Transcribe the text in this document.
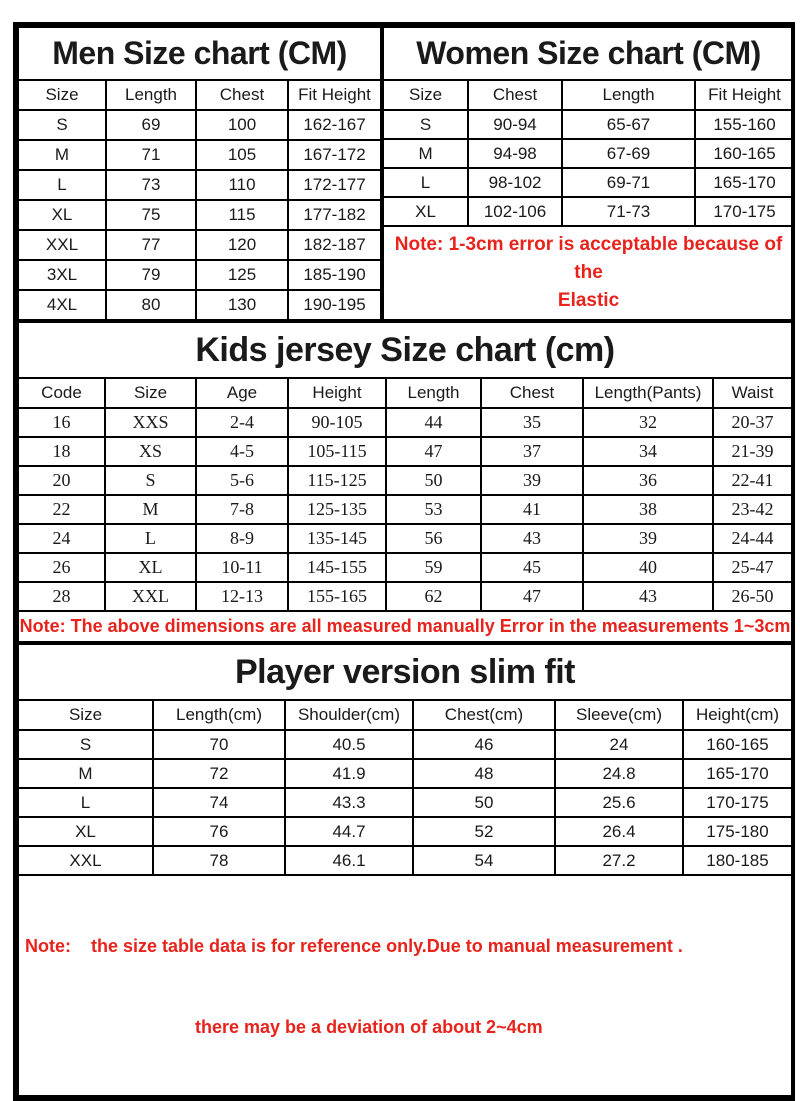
Men Size chart (CM)			
Size	Length	Chest	Fit Height
S	69	100	162-167
M	71	105	167-172
L	73	110	172-177
XL	75	115	177-182
XXL	77	120	182-187
3XL	79	125	185-190
4XL	80	130	190-195
Women Size chart (CM)			
Size	Chest	Length	Fit Height
S	90-94	65-67	155-160
M	94-98	67-69	160-165
L	98-102	69-71	165-170
XL	102-106	71-73	170-175

Note: 1-3cm error is acceptable because of the
Elastic			
Kids jersey Size chart (cm)							
Code	Size	Age	Height	Length	Chest	Length(Pants)	Waist
16	XXS	2-4	90-105	44	35	32	20-37
18	XS	4-5	105-115	47	37	34	21-39
20	S	5-6	115-125	50	39	36	22-41
22	M	7-8	125-135	53	41	38	23-42
24	L	8-9	135-145	56	43	39	24-44
26	XL	10-11	145-155	59	45	40	25-47
28	XXL	12-13	155-165	62	47	43	26-50
Note: The above dimensions are all measured manually Error in the measurements 1~3cm							
Player version slim fit					
Size	Length(cm)	Shoulder(cm)	Chest(cm)	Sleeve(cm)	Height(cm)
S	70	40.5	46	24	160-165
M	72	41.9	48	24.8	165-170
L	74	43.3	50	25.6	170-175
XL	76	44.7	52	26.4	175-180
XXL	78	46.1	54	27.2	180-185

Note:    the size table data is for reference only.Due to manual measurement .

there may be a deviation of about 2~4cm					
